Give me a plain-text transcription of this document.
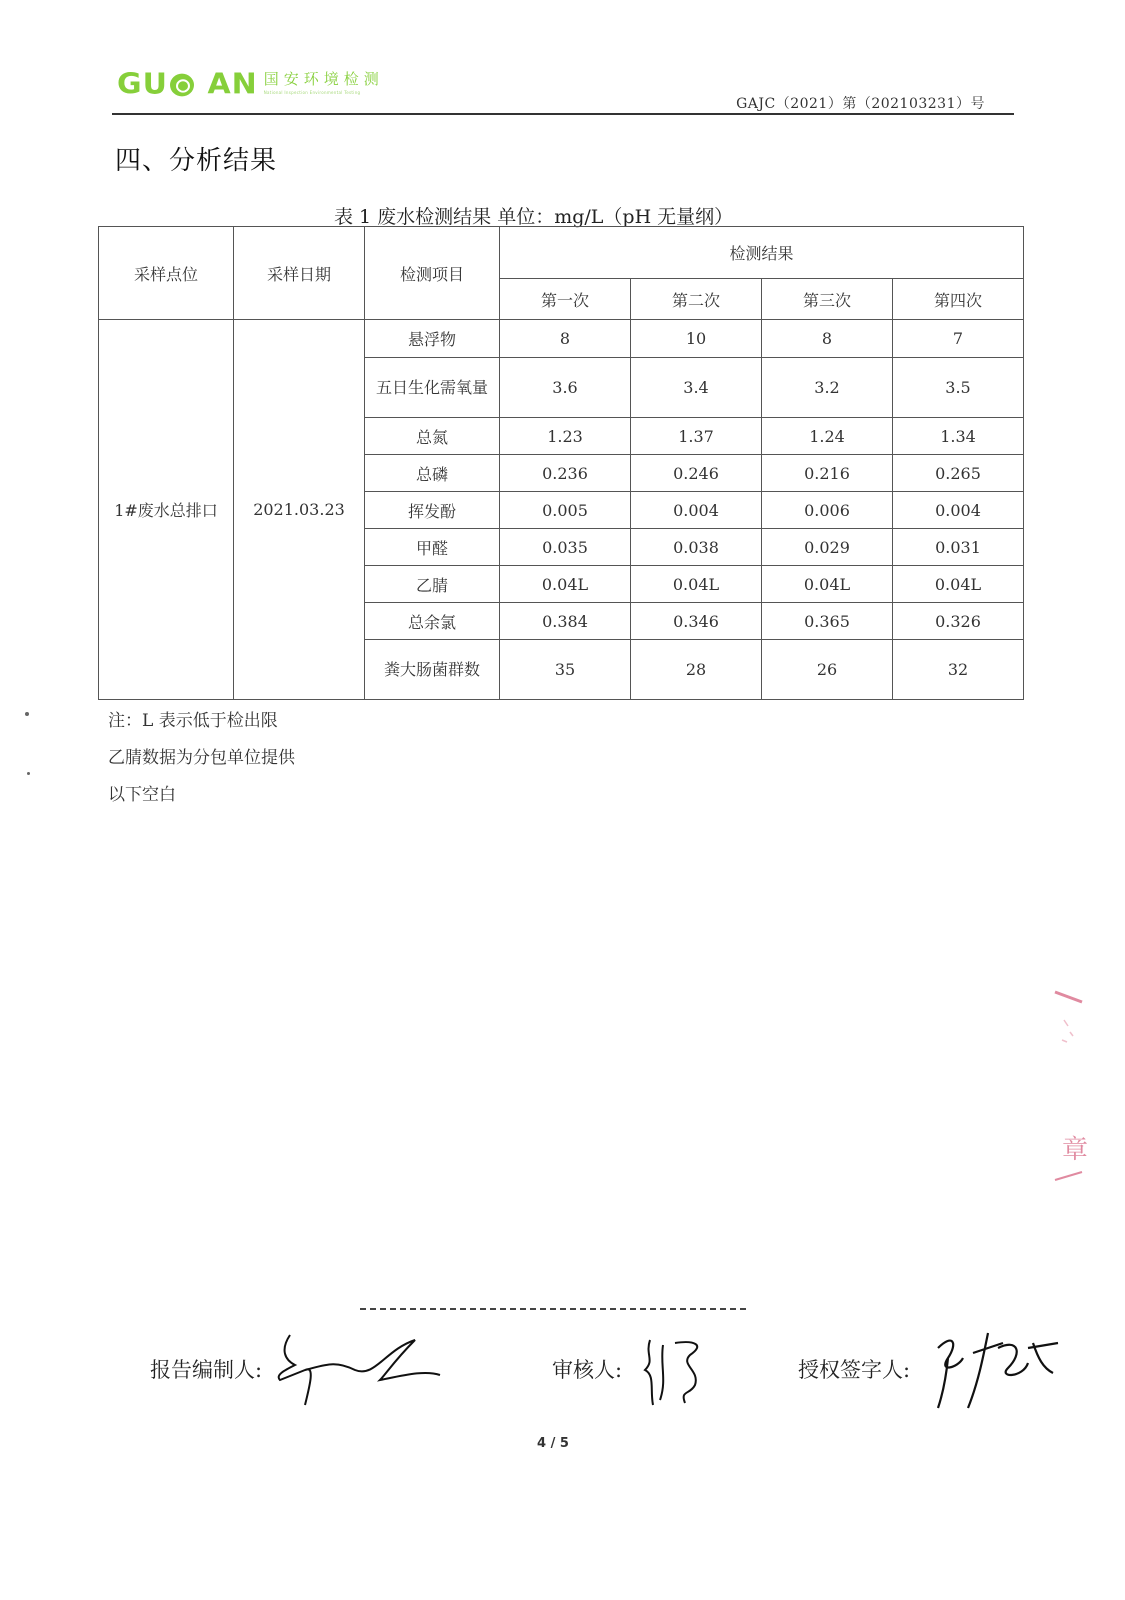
GU AN 国安环境检测
National Inspection Environmental Testing
GAJC（2021）第（202103231）号
四、分析结果
表 1 废水检测结果 单位：mg/L（pH 无量纲）
采样点位	采样日期	检测项目	检测结果			
			第一次	第二次	第三次	第四次
1#废水总排口	2021.03.23	悬浮物	8	10	8	7
		五日生化需氧量	3.6	3.4	3.2	3.5
		总氮	1.23	1.37	1.24	1.34
		总磷	0.236	0.246	0.216	0.265
		挥发酚	0.005	0.004	0.006	0.004
		甲醛	0.035	0.038	0.029	0.031
		乙腈	0.04L	0.04L	0.04L	0.04L
		总余氯	0.384	0.346	0.365	0.326
		粪大肠菌群数	35	28	26	32
注：L 表示低于检出限
乙腈数据为分包单位提供
以下空白
章
报告编制人:	审核人:	授权签字人:
4 / 5
